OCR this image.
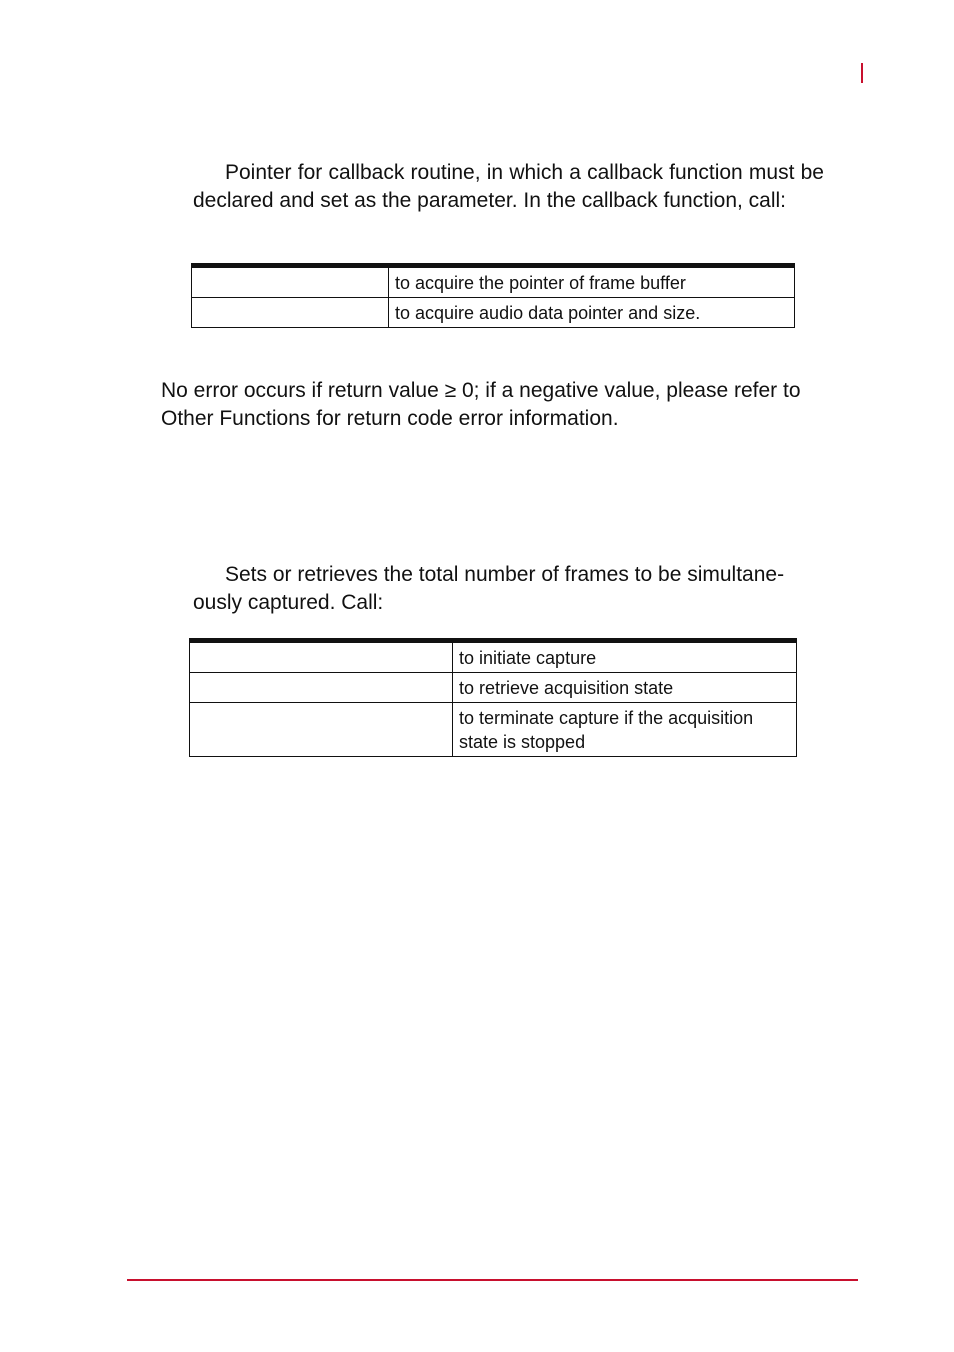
Pointer for callback routine, in which a callback function must be declared and set as the parameter. In the callback function, call:

	to acquire the pointer of frame buffer
	to acquire audio data pointer and size.

No error occurs if return value ≥ 0; if a negative value, please refer to Other Functions for return code error information.

Sets or retrieves the total number of frames to be simultane-ously captured. Call:

	to initiate capture
	to retrieve acquisition state
	to terminate capture if the acquisition state is stopped
